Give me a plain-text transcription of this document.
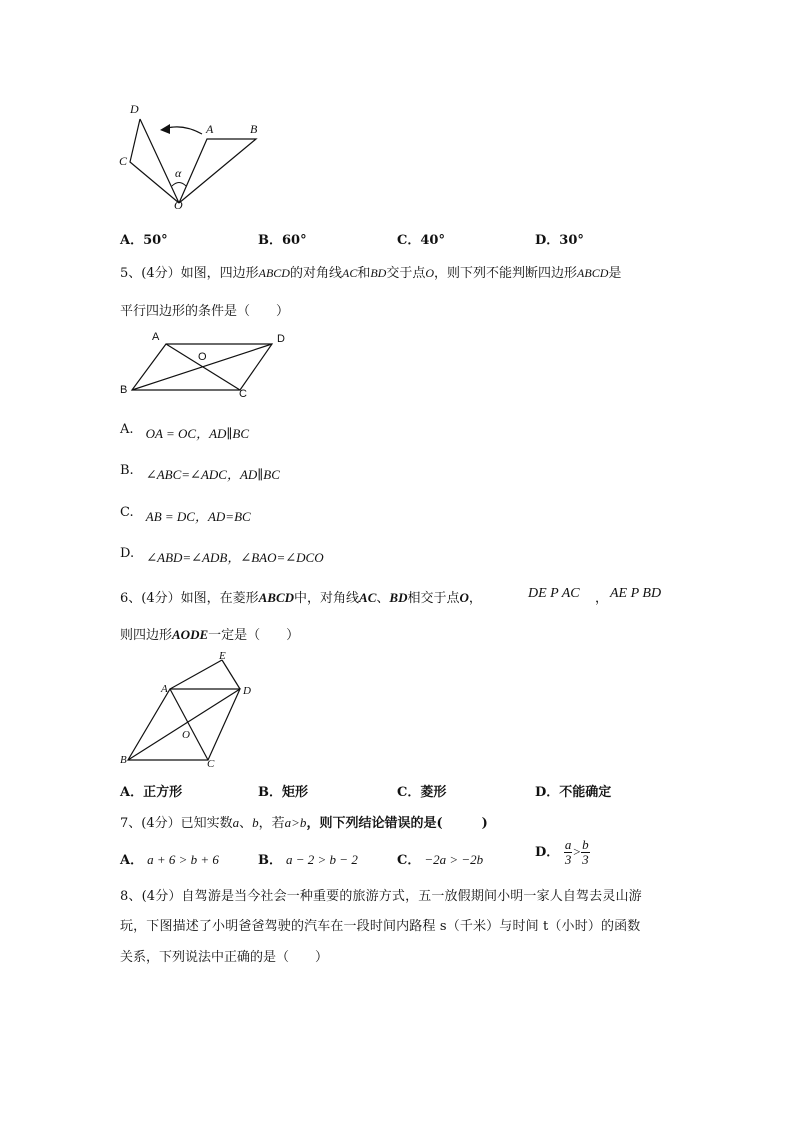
D
A	B
C
α
O
A．50°	B．60°	C．40°	D．30°
5、(4分）如图，四边形ABCD的对角线AC和BD交于点O，则下列不能判断四边形ABCD是
平行四边形的条件是（　　）
A	D
O
B	C
A. OA = OC，AD∥BC
B. ∠ABC=∠ADC，AD∥BC
C. AB = DC，AD=BC
D. ∠ABD=∠ADB，∠BAO=∠DCO
6、(4分）如图，在菱形ABCD中，对角线AC、BD相交于点O，	DE P AC ， AE P BD
则四边形AODE一定是（　　）
E
A	D
O
B	C
A．正方形	B．矩形	C．菱形	D．不能确定
7、(4分）已知实数a、b，若a>b，则下列结论错误的是(　　　)
A． a + 6 > b + 6	B． a − 2 > b − 2	C． −2a > −2b	D． $\frac{a}{3} > \frac{b}{3}$
8、(4分）自驾游是当今社会一种重要的旅游方式，五一放假期间小明一家人自驾去灵山游
玩，下图描述了小明爸爸驾驶的汽车在一段时间内路程 s（千米）与时间 t（小时）的函数
关系，下列说法中正确的是（　　）
